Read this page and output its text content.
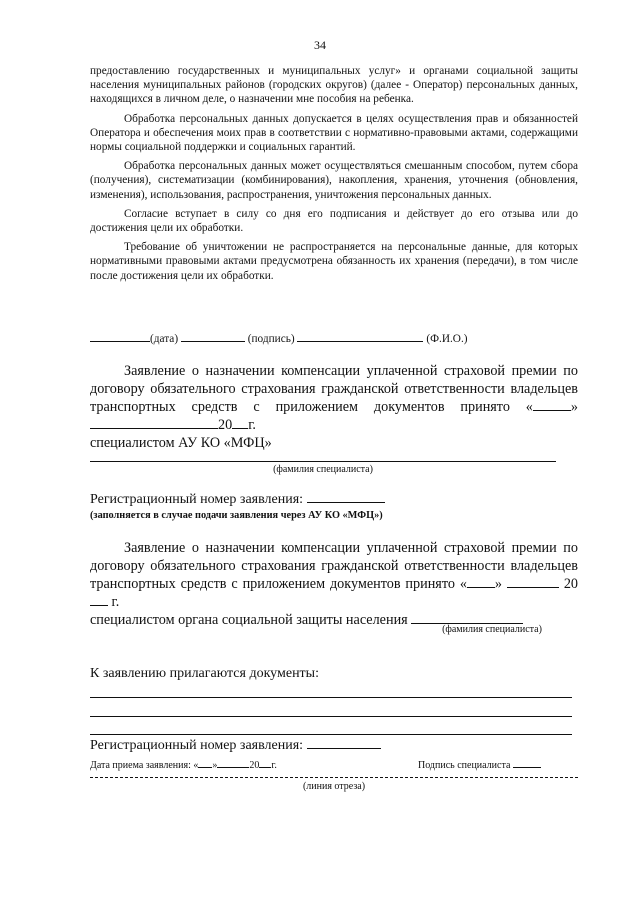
34

предоставлению государственных и муниципальных услуг» и органами социальной защиты населения муниципальных районов (городских округов) (далее - Оператор) персональных данных, находящихся в личном деле, о назначении мне пособия на ребенка.

Обработка персональных данных допускается в целях осуществления прав и обязанностей Оператора и обеспечения моих прав в соответствии с нормативно-правовыми актами, содержащими нормы социальной поддержки и социальных гарантий.

Обработка персональных данных может осуществляться смешанным способом, путем сбора (получения), систематизации (комбинирования), накопления, хранения, уточнения (обновления, изменения), использования, распространения, уничтожения персональных данных.

Согласие вступает в силу со дня его подписания и действует до его отзыва или до достижения цели их обработки.

Требование об уничтожении не распространяется на персональные данные, для которых нормативными правовыми актами предусмотрена обязанность их хранения (передачи), в том числе после достижения цели их обработки.

(дата)	(подпись)	(Ф.И.О.)

Заявление о назначении компенсации уплаченной страховой премии по договору обязательного страхования гражданской ответственности владельцев транспортных средств с приложением документов принято «	»20 г.

специалистом АУ КО «МФЦ»

(фамилия специалиста)
Регистрационный номер заявления:
(заполняется в случае подачи заявления через АУ КО «МФЦ»)

Заявление о назначении компенсации уплаченной страховой премии по договору обязательного страхования гражданской ответственности владельцев транспортных средств с приложением документов принято « »	20 г.

специалистом органа социальной защиты населения

(фамилия специалиста)
К заявлению прилагаются документы:
Регистрационный номер заявления:
Дата приема заявления: « »	20 г.	Подпись специалиста
(линия отреза)
